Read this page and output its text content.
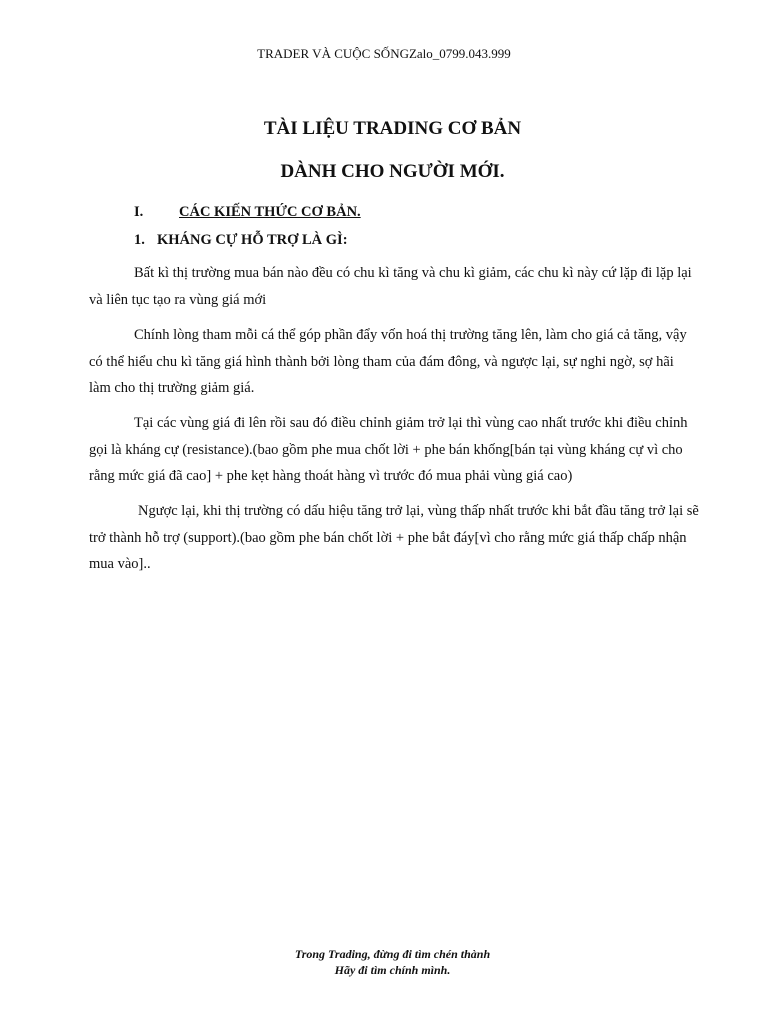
TRADER VÀ CUỘC SỐNGZalo_0799.043.999
TÀI LIỆU TRADING CƠ BẢN
DÀNH CHO NGƯỜI MỚI.
I. CÁC KIẾN THỨC CƠ BẢN.
1. KHÁNG CỰ HỖ TRỢ LÀ GÌ:

Bất kì thị trường mua bán nào đều có chu kì tăng và chu kì giảm, các chu kì này cứ lặp đi lặp lại và liên tục tạo ra vùng giá mới

Chính lòng tham mỗi cá thể góp phần đẩy vốn hoá thị trường tăng lên, làm cho giá cả tăng, vậy có thể hiểu chu kì tăng giá hình thành bởi lòng tham của đám đông, và ngược lại, sự nghi ngờ, sợ hãi làm cho thị trường giảm giá.

Tại các vùng giá đi lên rồi sau đó điều chỉnh giảm trở lại thì vùng cao nhất trước khi điều chỉnh gọi là kháng cự (resistance).(bao gồm phe mua chốt lời + phe bán khống[bán tại vùng kháng cự vì cho rằng mức giá đã cao] + phe kẹt hàng thoát hàng vì trước đó mua phải vùng giá cao)

Ngược lại, khi thị trường có dấu hiệu tăng trở lại, vùng thấp nhất trước khi bắt đầu tăng trở lại sẽ trở thành hỗ trợ (support).(bao gồm phe bán chốt lời + phe bắt đáy[vì cho rằng mức giá thấp chấp nhận mua vào]..

Trong Trading, đừng đi tìm chén thành
Hãy đi tìm chính mình.
